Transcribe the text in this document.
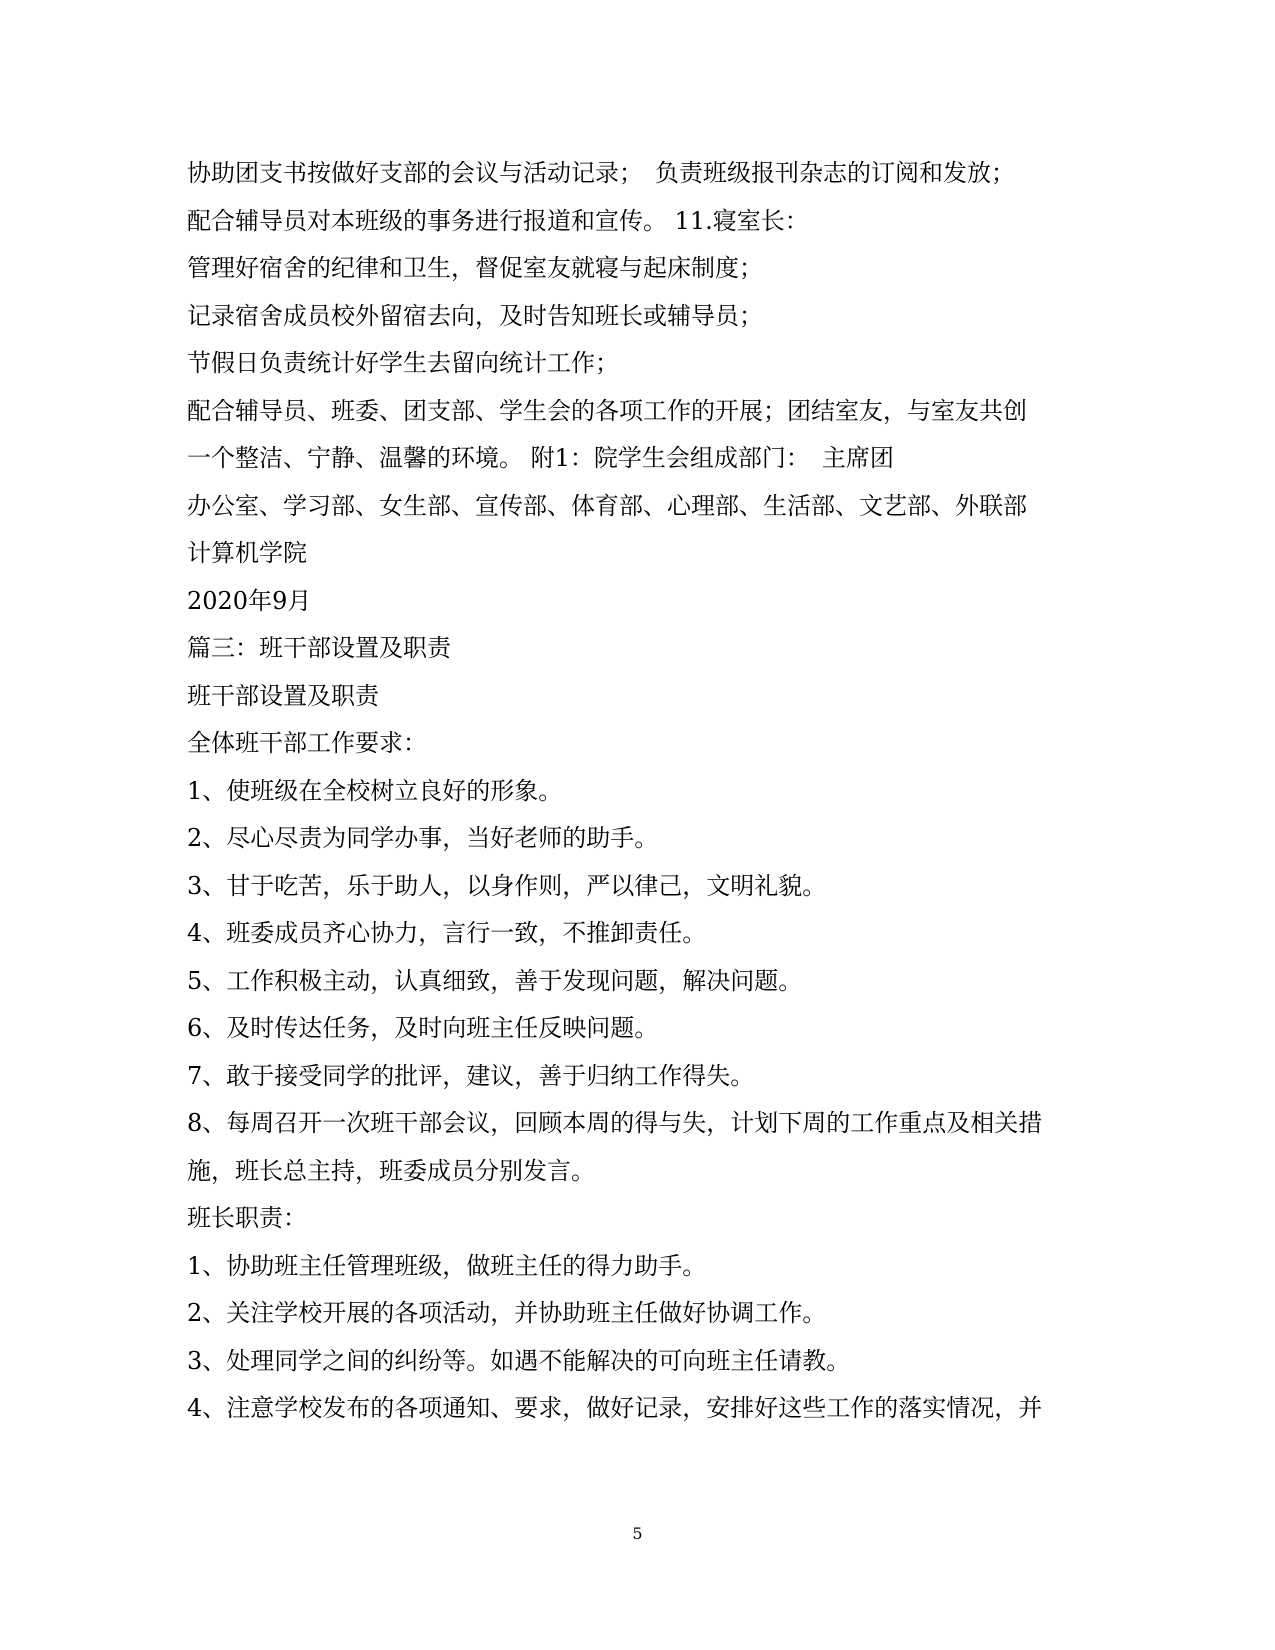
协助团支书按做好支部的会议与活动记录；　负责班级报刊杂志的订阅和发放；
配合辅导员对本班级的事务进行报道和宣传。 11.寝室长：
管理好宿舍的纪律和卫生，督促室友就寝与起床制度；
记录宿舍成员校外留宿去向，及时告知班长或辅导员；
节假日负责统计好学生去留向统计工作；
配合辅导员、班委、团支部、学生会的各项工作的开展；团结室友，与室友共创
一个整洁、宁静、温馨的环境。 附1：院学生会组成部门：　主席团
办公室、学习部、女生部、宣传部、体育部、心理部、生活部、文艺部、外联部
计算机学院
2020年9月
篇三：班干部设置及职责
班干部设置及职责
全体班干部工作要求：
1、使班级在全校树立良好的形象。
2、尽心尽责为同学办事，当好老师的助手。
3、甘于吃苦，乐于助人，以身作则，严以律己，文明礼貌。
4、班委成员齐心协力，言行一致，不推卸责任。
5、工作积极主动，认真细致，善于发现问题，解决问题。
6、及时传达任务，及时向班主任反映问题。
7、敢于接受同学的批评，建议，善于归纳工作得失。
8、每周召开一次班干部会议，回顾本周的得与失，计划下周的工作重点及相关措
施，班长总主持，班委成员分别发言。
班长职责：
1、协助班主任管理班级，做班主任的得力助手。
2、关注学校开展的各项活动，并协助班主任做好协调工作。
3、处理同学之间的纠纷等。如遇不能解决的可向班主任请教。
4、注意学校发布的各项通知、要求，做好记录，安排好这些工作的落实情况，并
5
